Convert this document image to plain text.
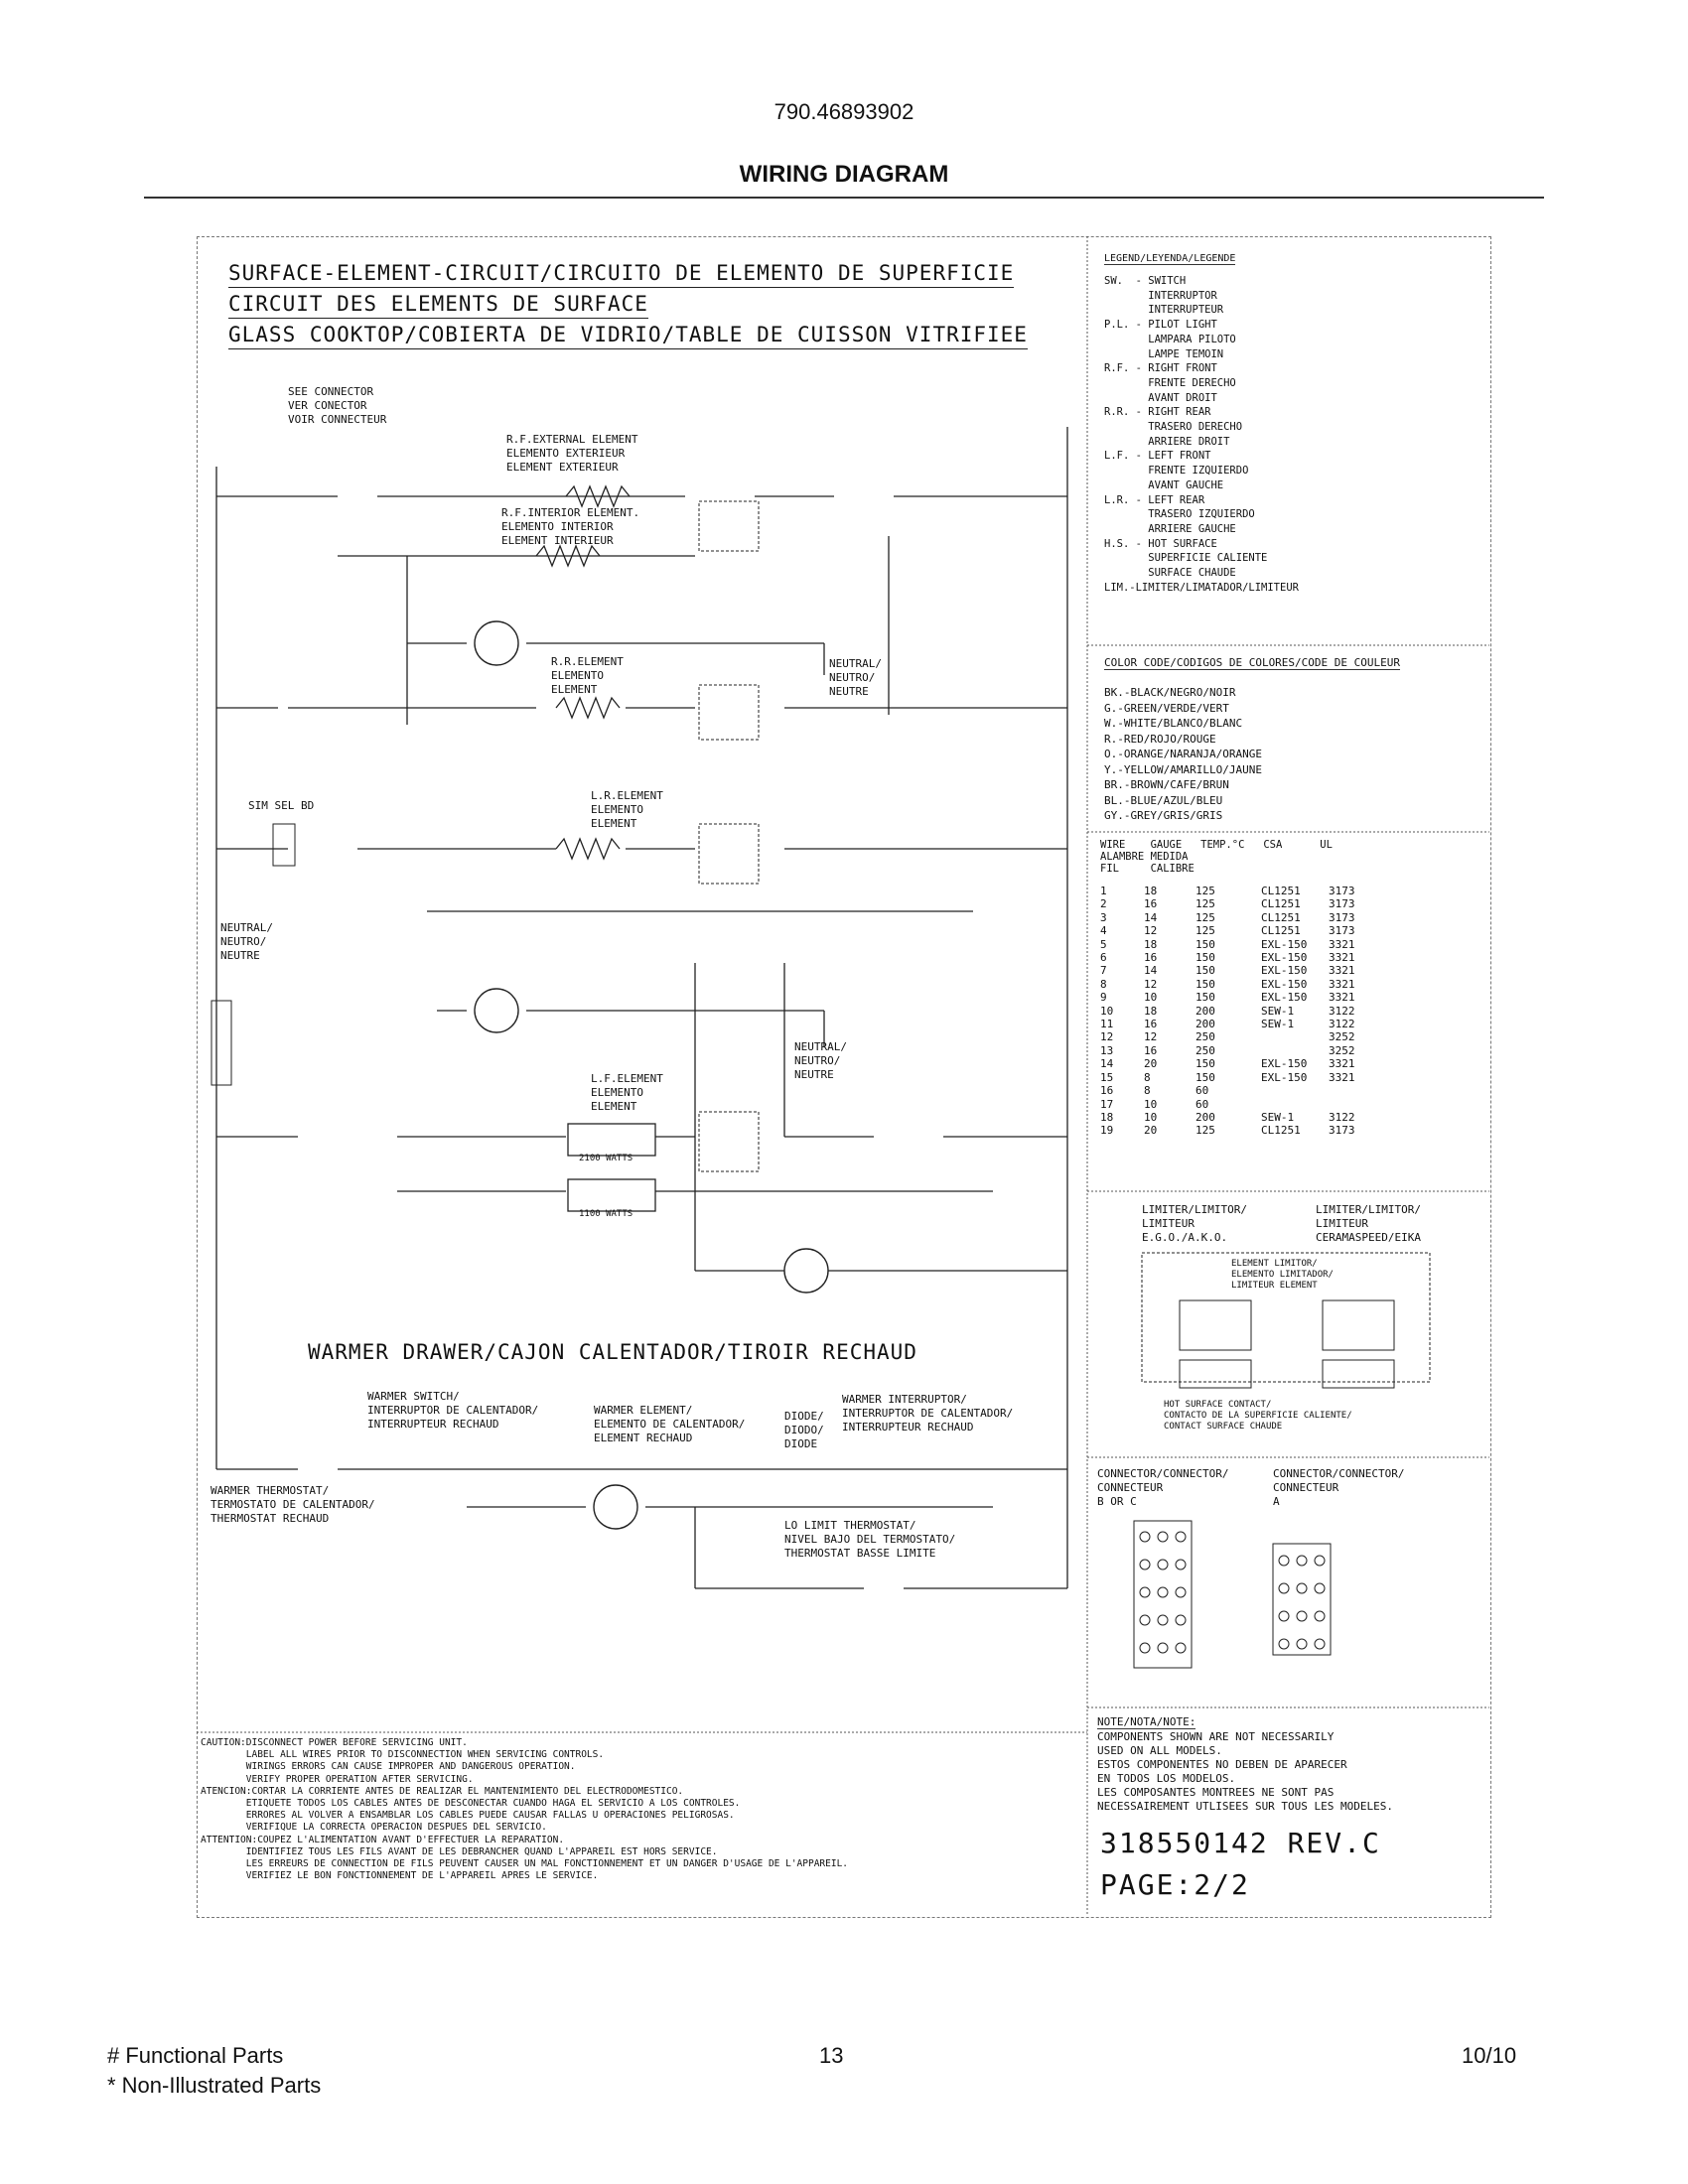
790.46893902
WIRING DIAGRAM
SURFACE-ELEMENT-CIRCUIT/CIRCUITO DE ELEMENTO DE SUPERFICIE
CIRCUIT DES ELEMENTS DE SURFACE
GLASS COOKTOP/COBIERTA DE VIDRIO/TABLE DE CUISSON VITRIFIEE
SEE CONNECTOR
VER CONECTOR
VOIR CONNECTEUR
R.F.EXTERNAL ELEMENT
ELEMENTO EXTERIEUR
ELEMENT EXTERIEUR
R.F.INTERIOR ELEMENT.
ELEMENTO INTERIOR
ELEMENT INTERIEUR
R.R.ELEMENT
ELEMENTO
ELEMENT
NEUTRAL/
NEUTRO/
NEUTRE
L.R.ELEMENT
ELEMENTO
ELEMENT
SIM SEL BD
NEUTRAL/
NEUTRO/
NEUTRE
NEUTRAL/
NEUTRO/
NEUTRE
L.F.ELEMENT
ELEMENTO
ELEMENT
2100 WATTS
1100 WATTS
WARMER DRAWER/CAJON CALENTADOR/TIROIR RECHAUD
WARMER SWITCH/
INTERRUPTOR DE CALENTADOR/
INTERRUPTEUR RECHAUD
WARMER ELEMENT/
ELEMENTO DE CALENTADOR/
ELEMENT RECHAUD
DIODE/
DIODO/
DIODE
WARMER INTERRUPTOR/
INTERRUPTOR DE CALENTADOR/
INTERRUPTEUR RECHAUD
WARMER THERMOSTAT/
TERMOSTATO DE CALENTADOR/
THERMOSTAT RECHAUD
LO LIMIT THERMOSTAT/
NIVEL BAJO DEL TERMOSTATO/
THERMOSTAT BASSE LIMITE
CAUTION:DISCONNECT POWER BEFORE SERVICING UNIT.
LABEL ALL WIRES PRIOR TO DISCONNECTION WHEN SERVICING CONTROLS.
WIRINGS ERRORS CAN CAUSE IMPROPER AND DANGEROUS OPERATION.
VERIFY PROPER OPERATION AFTER SERVICING.
ATENCION:CORTAR LA CORRIENTE ANTES DE REALIZAR EL MANTENIMIENTO DEL ELECTRODOMESTICO.
ETIQUETE TODOS LOS CABLES ANTES DE DESCONECTAR CUANDO HAGA EL SERVICIO A LOS CONTROLES.
ERRORES AL VOLVER A ENSAMBLAR LOS CABLES PUEDE CAUSAR FALLAS U OPERACIONES PELIGROSAS.
VERIFIQUE LA CORRECTA OPERACION DESPUES DEL SERVICIO.
ATTENTION:COUPEZ L'ALIMENTATION AVANT D'EFFECTUER LA REPARATION.
IDENTIFIEZ TOUS LES FILS AVANT DE LES DEBRANCHER QUAND L'APPAREIL EST HORS SERVICE.
LES ERREURS DE CONNECTION DE FILS PEUVENT CAUSER UN MAL FONCTIONNEMENT ET UN DANGER D'USAGE DE L'APPAREIL.
VERIFIEZ LE BON FONCTIONNEMENT DE L'APPAREIL APRES LE SERVICE.
LEGEND/LEYENDA/LEGENDE
SW.  - SWITCH
INTERRUPTOR
INTERRUPTEUR
P.L. - PILOT LIGHT
LAMPARA PILOTO
LAMPE TEMOIN
R.F. - RIGHT FRONT
FRENTE DERECHO
AVANT DROIT
R.R. - RIGHT REAR
TRASERO DERECHO
ARRIERE DROIT
L.F. - LEFT FRONT
FRENTE IZQUIERDO
AVANT GAUCHE
L.R. - LEFT REAR
TRASERO IZQUIERDO
ARRIERE GAUCHE
H.S. - HOT SURFACE
SUPERFICIE CALIENTE
SURFACE CHAUDE
LIM.-LIMITER/LIMATADOR/LIMITEUR
COLOR CODE/CODIGOS DE COLORES/CODE DE COULEUR
BK.-BLACK/NEGRO/NOIR
G.-GREEN/VERDE/VERT
W.-WHITE/BLANCO/BLANC
R.-RED/ROJO/ROUGE
O.-ORANGE/NARANJA/ORANGE
Y.-YELLOW/AMARILLO/JAUNE
BR.-BROWN/CAFE/BRUN
BL.-BLUE/AZUL/BLEU
GY.-GREY/GRIS/GRIS
WIRE    GAUGE   TEMP.°C   CSA      UL
ALAMBRE MEDIDA
FIL     CALIBRE
1	18	125	CL1251	3173
2	16	125	CL1251	3173
3	14	125	CL1251	3173
4	12	125	CL1251	3173
5	18	150	EXL-150	3321
6	16	150	EXL-150	3321
7	14	150	EXL-150	3321
8	12	150	EXL-150	3321
9	10	150	EXL-150	3321
10	18	200	SEW-1	3122
11	16	200	SEW-1	3122
12	12	250		3252
13	16	250		3252
14	20	150	EXL-150	3321
15	8	150	EXL-150	3321
16	8	60		
17	10	60		
18	10	200	SEW-1	3122
19	20	125	CL1251	3173
LIMITER/LIMITOR/
LIMITEUR
E.G.O./A.K.O.
LIMITER/LIMITOR/
LIMITEUR
CERAMASPEED/EIKA
ELEMENT LIMITOR/
ELEMENTO LIMITADOR/
LIMITEUR ELEMENT
HOT SURFACE CONTACT/
CONTACTO DE LA SUPERFICIE CALIENTE/
CONTACT SURFACE CHAUDE
CONNECTOR/CONNECTOR/
CONNECTEUR
B OR C
CONNECTOR/CONNECTOR/
CONNECTEUR
A
NOTE/NOTA/NOTE:
COMPONENTS SHOWN ARE NOT NECESSARILY
USED ON ALL MODELS.
ESTOS COMPONENTES NO DEBEN DE APARECER
EN TODOS LOS MODELOS.
LES COMPOSANTES MONTREES NE SONT PAS
NECESSAIREMENT UTLISEES SUR TOUS LES MODELES.
318550142 REV.C
PAGE:2/2
# Functional Parts
* Non-Illustrated Parts
13	10/10
